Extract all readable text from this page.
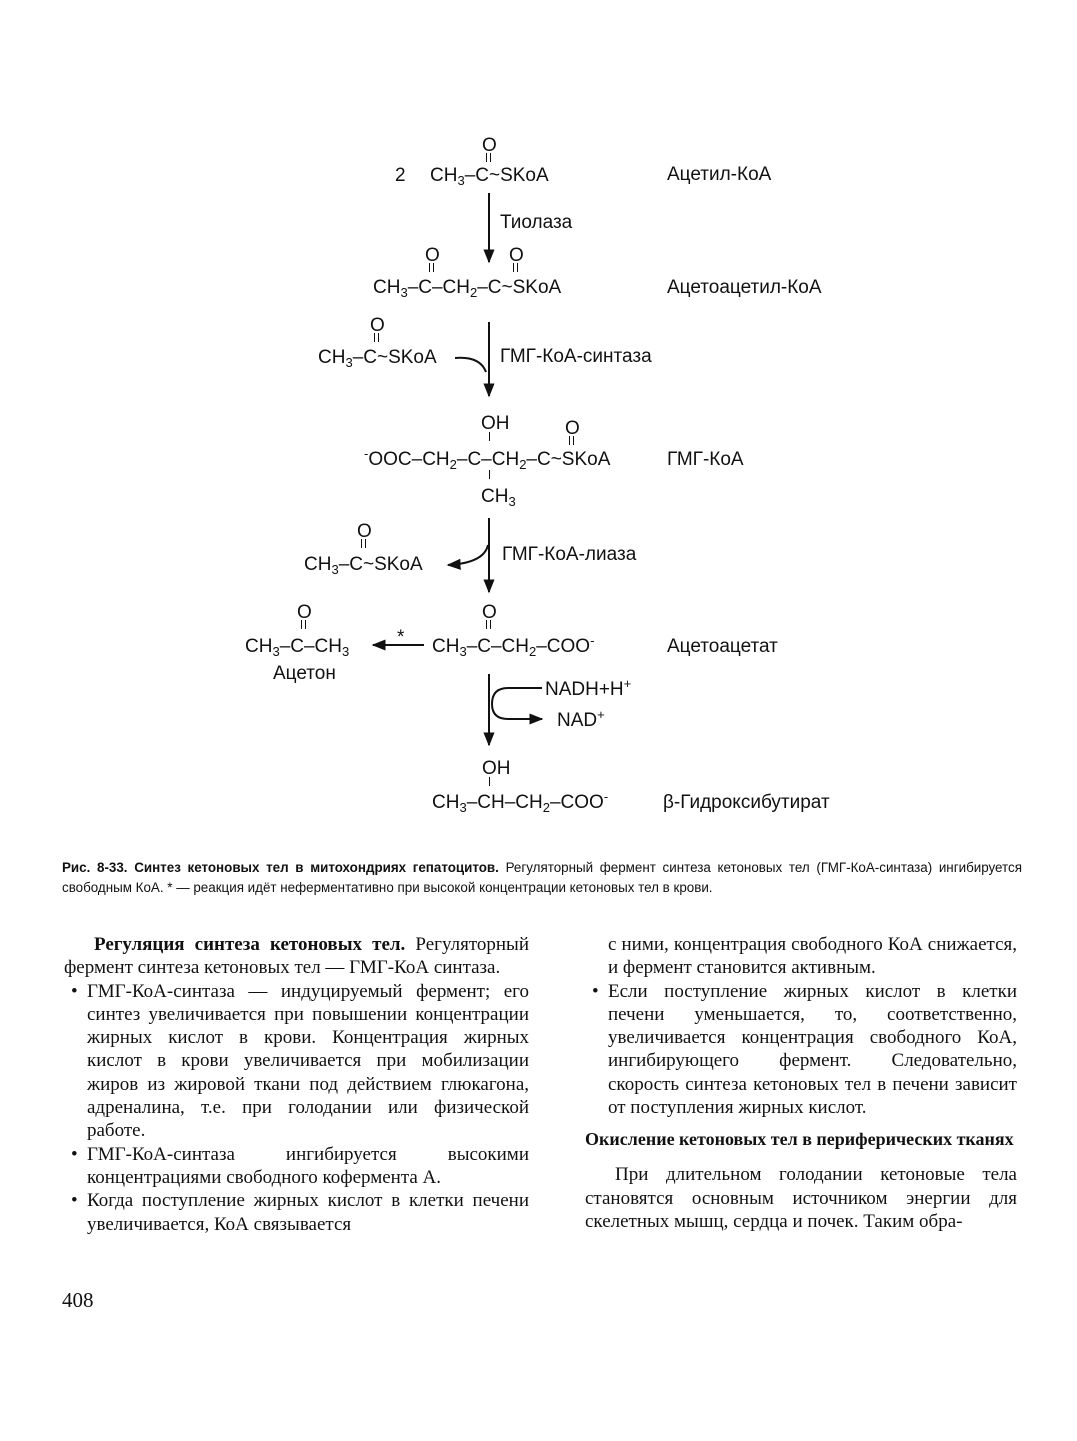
2
O
$CH_3-C\sim SKoA$	Ацетил-КоА
Тиолаза
O	O
$CH_3-C-CH_2-C\sim SKoA$	Ацетоацетил-КоА
O
$CH_3-C\sim SKoA$	ГМГ-КоА-синтаза
OH	O
$^-OOC-CH_2-C-CH_2-C\sim SKoA$
$CH_3$
ГМГ-КоА
O
$CH_3-C\sim SKoA$	ГМГ-КоА-лиаза
O
$CH_3-C-CH_3$
Ацетон
*
O
$CH_3-C-CH_2-COO^-$	Ацетоацетат
NADH+H+
NAD+
OH
$CH_3-CH-CH_2-COO^-$	β-Гидроксибутират
Рис. 8-33. Синтез кетоновых тел в митохондриях гепатоцитов. Регуляторный фермент синтеза кетоновых тел (ГМГ-КоА-синтаза) ингибируется свободным КоА. * — реакция идёт неферментативно при высокой концентрации кетоновых тел в крови.

Регуляция синтеза кетоновых тел. Регуляторный фермент синтеза кетоновых тел — ГМГ-КоА синтаза.

• ГМГ-КоА-синтаза — индуцируемый фермент; его синтез увеличивается при повышении концентрации жирных кислот в крови. Концентрация жирных кислот в крови увеличивается при мобилизации жиров из жировой ткани под действием глюкагона, адреналина, т.е. при голодании или физической работе.
• ГМГ-КоА-синтаза ингибируется высокими концентрациями свободного кофермента А.
• Когда поступление жирных кислот в клетки печени увеличивается, КоА связывается
с ними, концентрация свободного КоА снижается, и фермент становится активным.
• Если поступление жирных кислот в клетки печени уменьшается, то, соответственно, увеличивается концентрация свободного КоА, ингибирующего фермент. Следовательно, скорость синтеза кетоновых тел в печени зависит от поступления жирных кислот.
Окисление кетоновых тел в периферических тканях

При длительном голодании кетоновые тела становятся основным источником энергии для скелетных мышц, сердца и почек. Таким обра-

408
